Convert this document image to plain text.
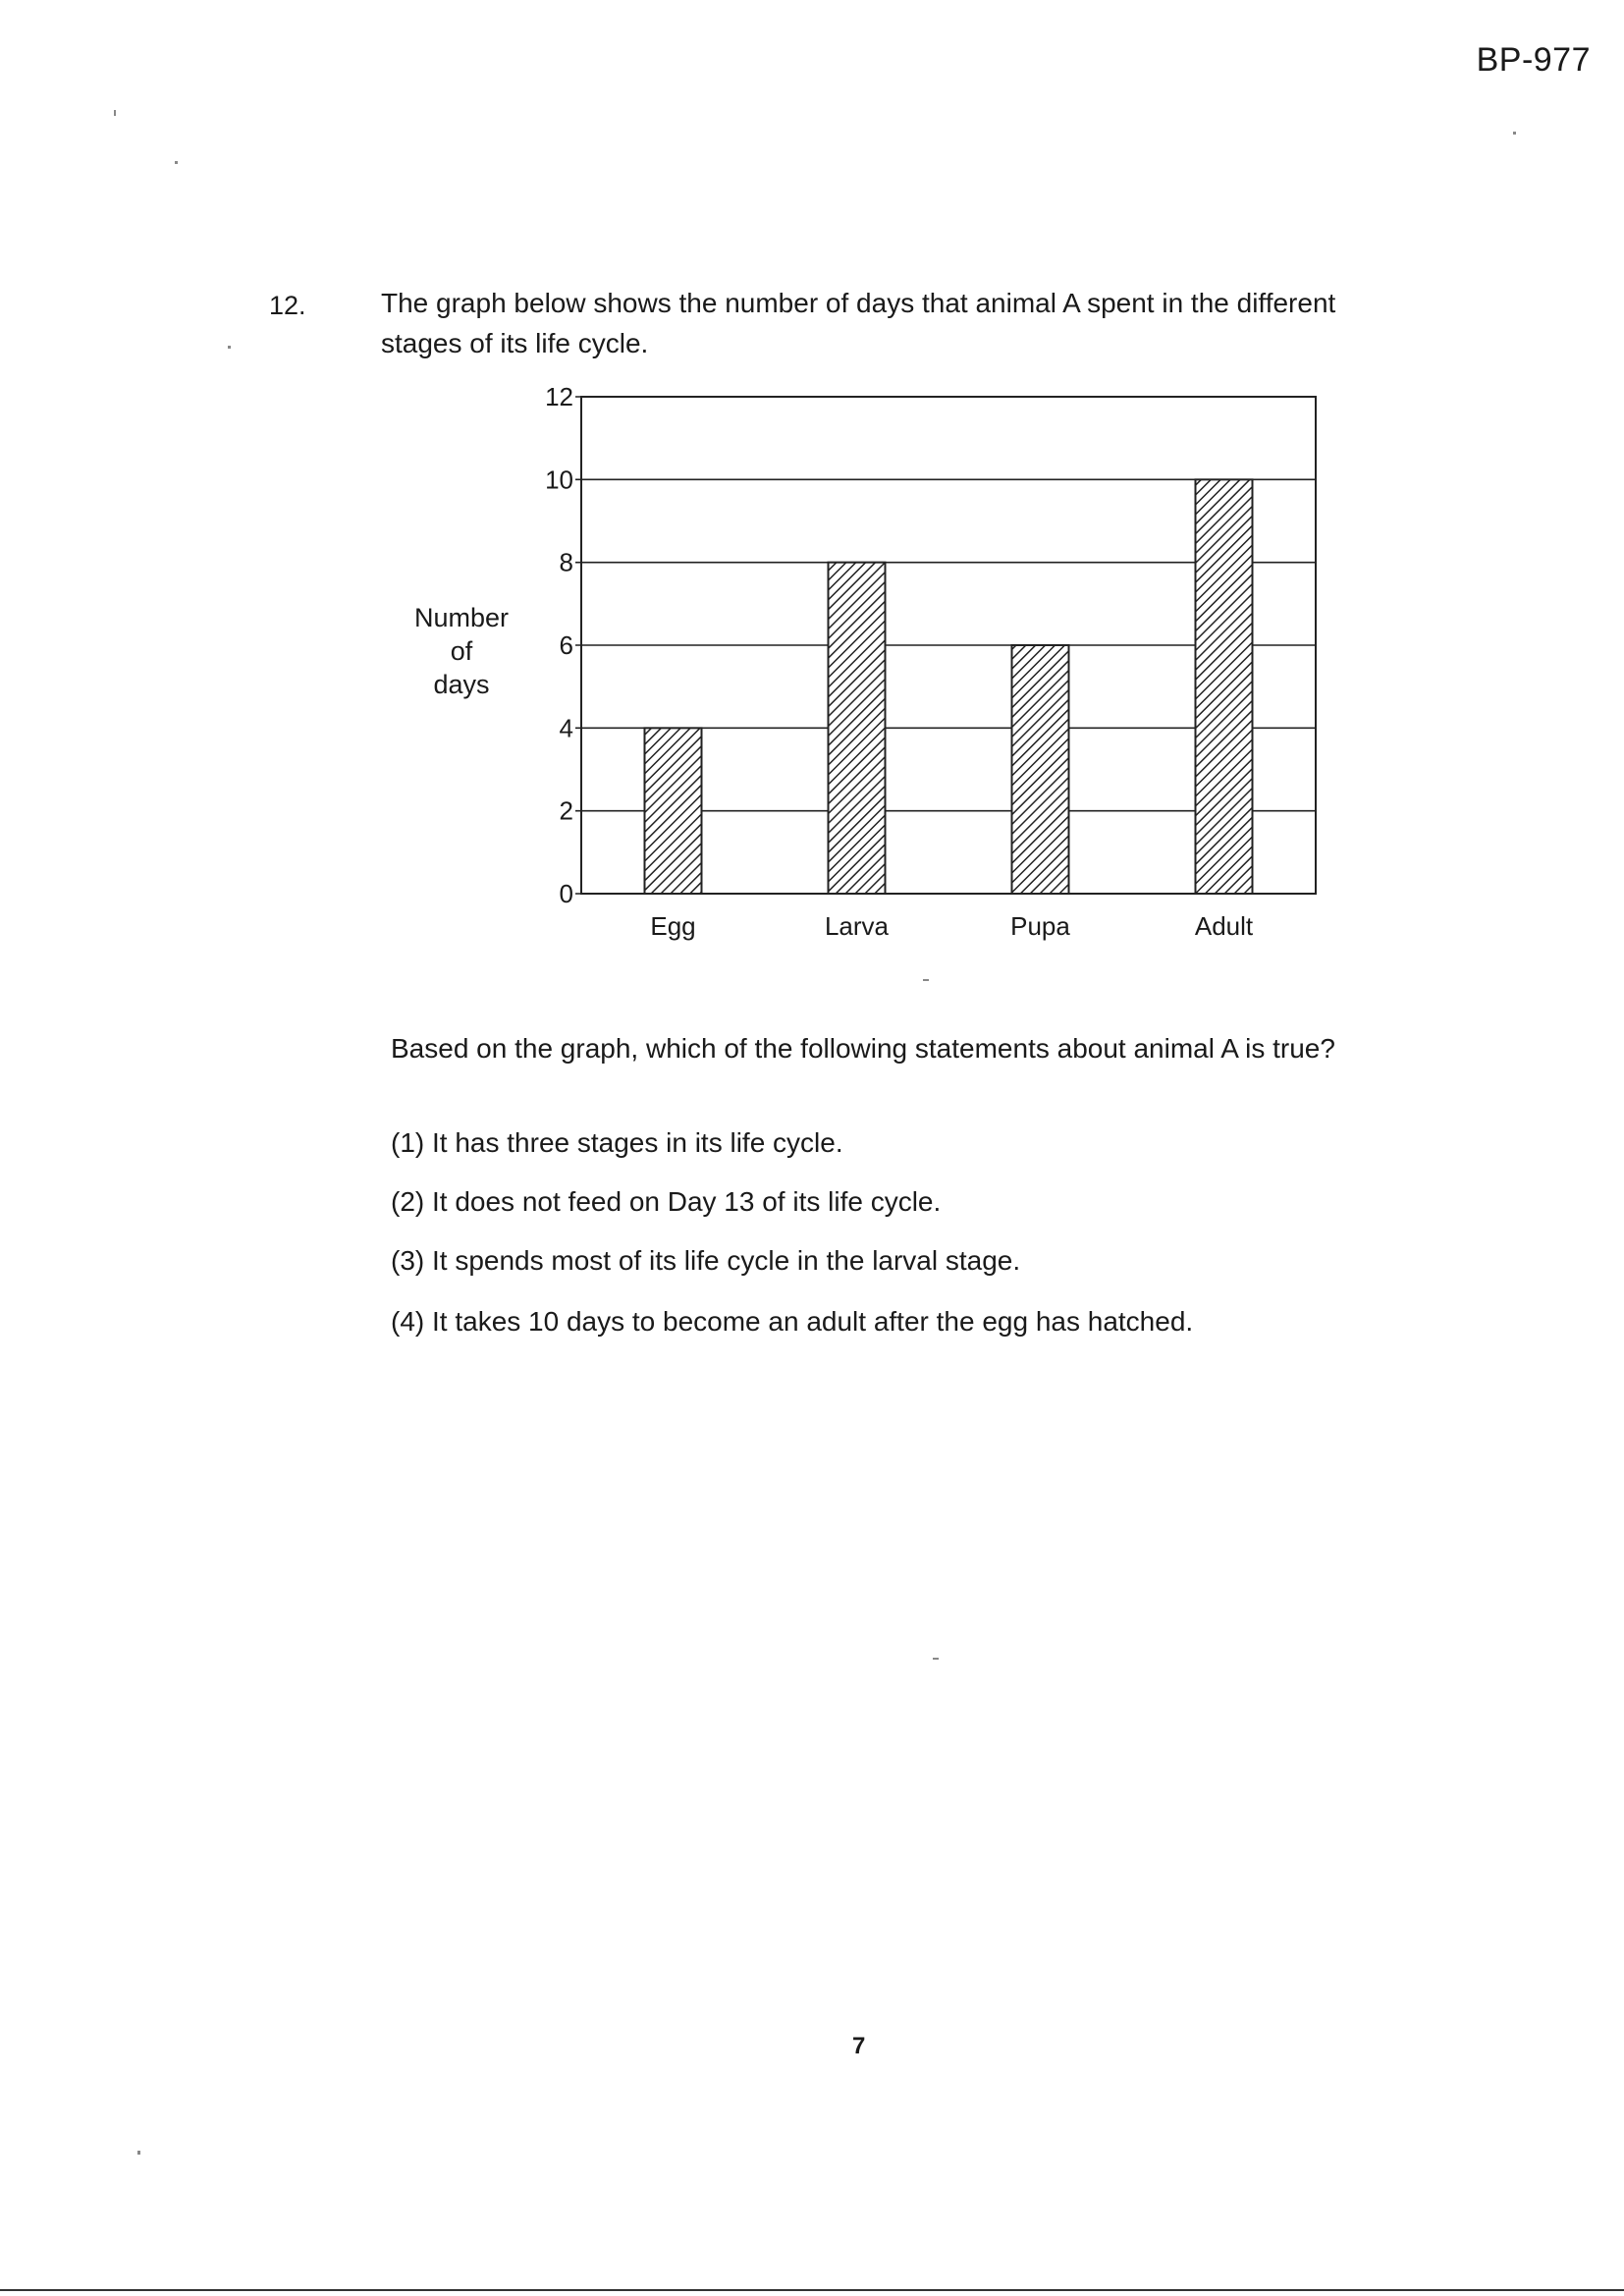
BP-977
12.	The graph below shows the number of days that animal A spent in the different stages of its life cycle.
0
2
4
6
8
10
12
Egg	Larva	Pupa	Adult
Number
of
days
Based on the graph, which of the following statements about animal A is true?
(1) It has three stages in its life cycle.
(2) It does not feed on Day 13 of its life cycle.
(3) It spends most of its life cycle in the larval stage.
(4) It takes 10 days to become an adult after the egg has hatched.
7
